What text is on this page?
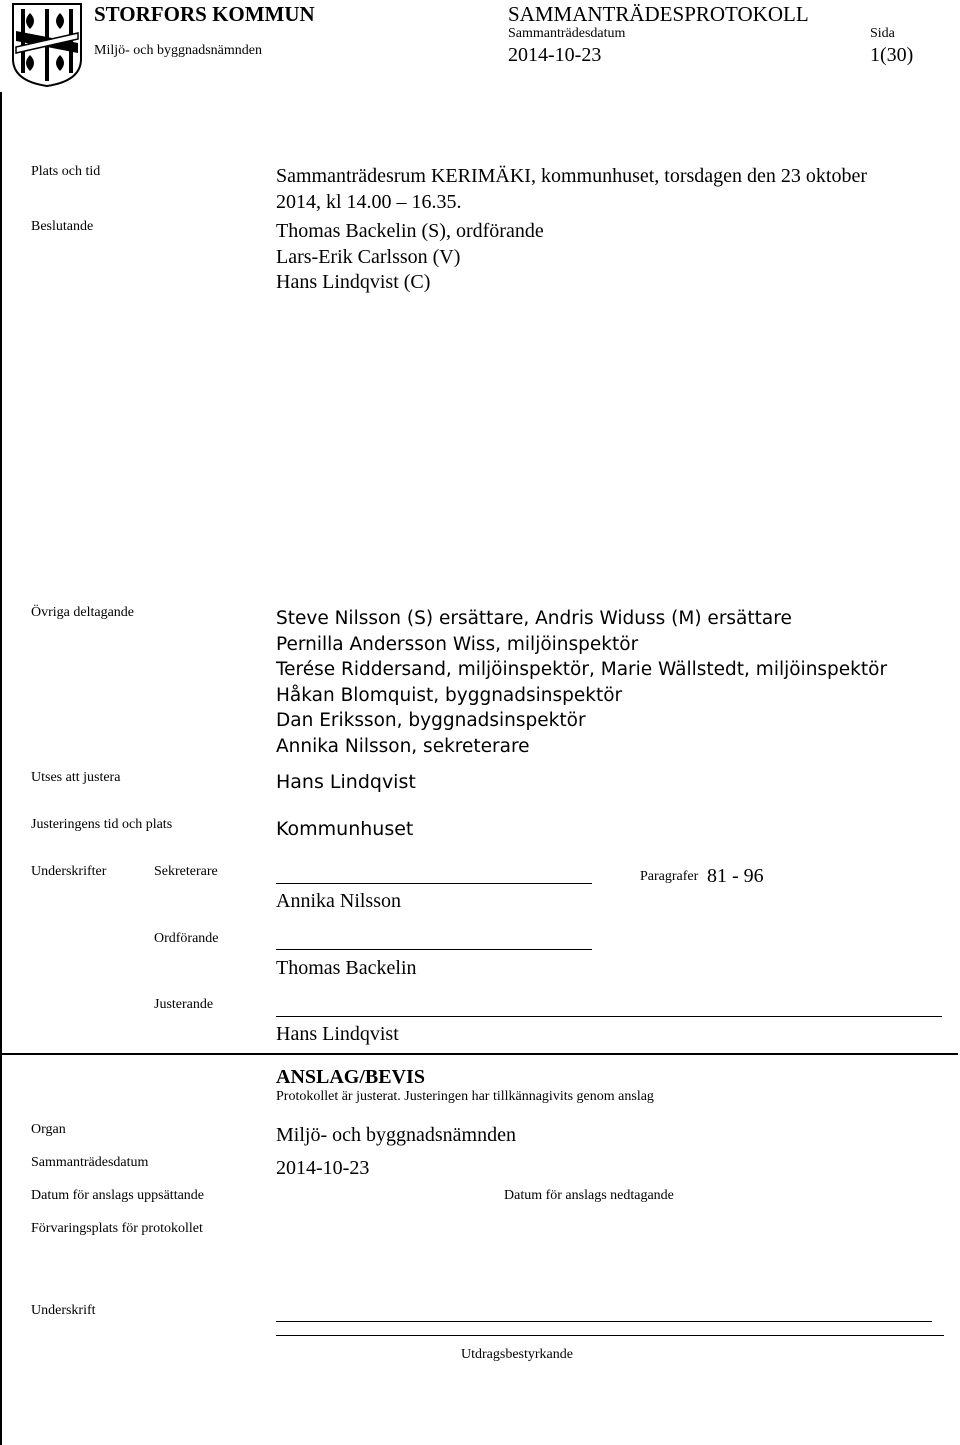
STORFORS KOMMUN
Miljö- och byggnadsnämnden
SAMMANTRÄDESPROTOKOLL
Sammanträdesdatum
2014-10-23
Sida
1(30)
Plats och tid	Sammanträdesrum KERIMÄKI, kommunhuset, torsdagen den 23 oktober
2014, kl 14.00 – 16.35.
Beslutande	Thomas Backelin (S), ordförande
Lars-Erik Carlsson (V)
Hans Lindqvist (C)
Övriga deltagande	Steve Nilsson (S) ersättare, Andris Widuss (M) ersättare
Pernilla Andersson Wiss, miljöinspektör
Terése Riddersand, miljöinspektör, Marie Wällstedt, miljöinspektör
Håkan Blomquist, byggnadsinspektör
Dan Eriksson, byggnadsinspektör
Annika Nilsson, sekreterare
Utses att justera	Hans Lindqvist
Justeringens tid och plats	Kommunhuset
Underskrifter	Sekreterare
Annika Nilsson
Paragrafer 81 - 96
Ordförande
Thomas Backelin
Justerande
Hans Lindqvist
ANSLAG/BEVIS
Protokollet är justerat. Justeringen har tillkännagivits genom anslag
Organ	Miljö- och byggnadsnämnden
Sammanträdesdatum	2014-10-23
Datum för anslags uppsättande	Datum för anslags nedtagande
Förvaringsplats för protokollet
Underskrift
Utdragsbestyrkande
